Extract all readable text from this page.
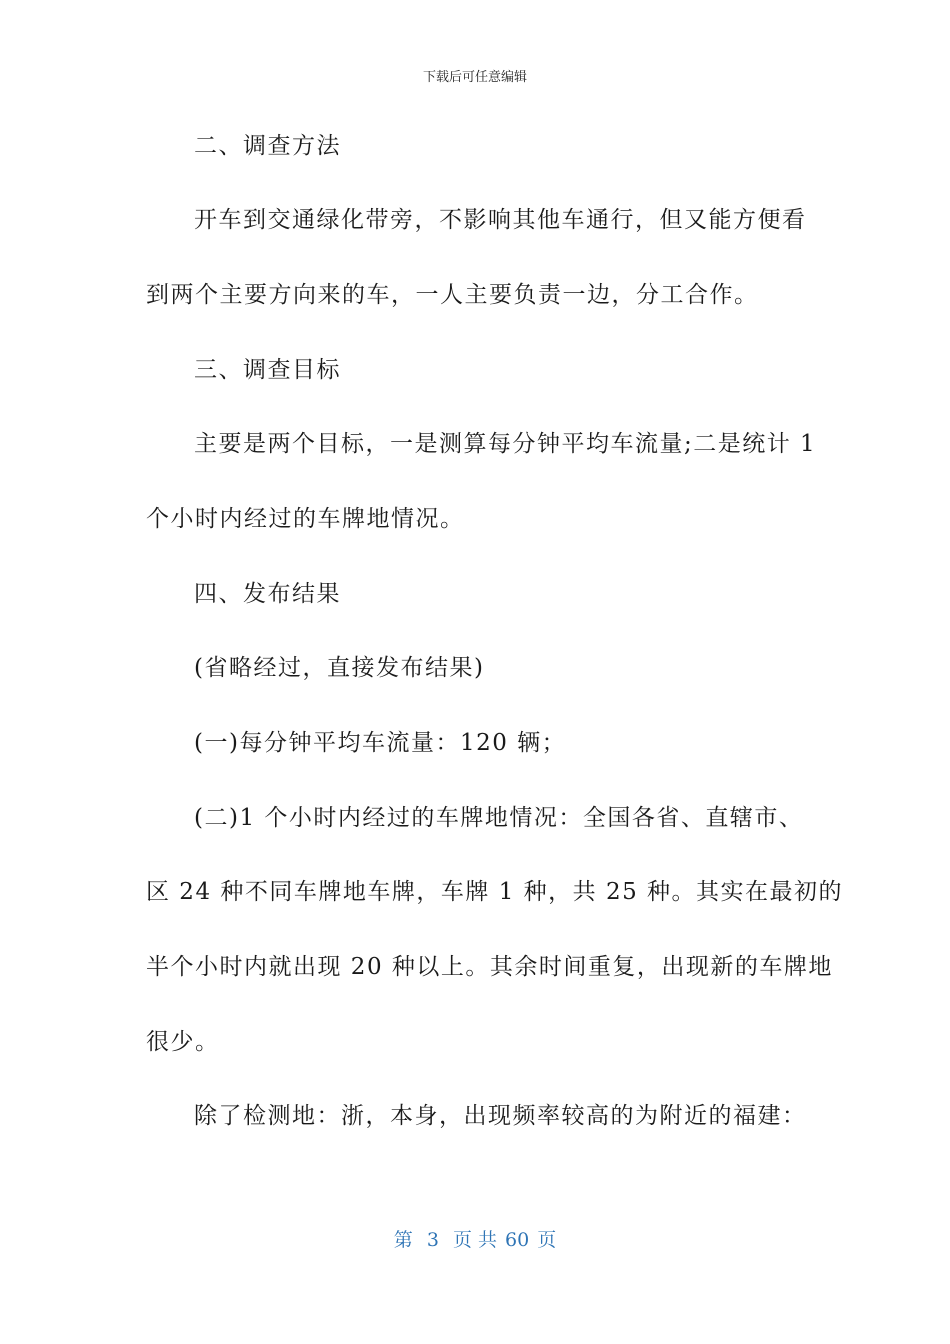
下载后可任意编辑
二、调查方法
开车到交通绿化带旁，不影响其他车通行，但又能方便看
到两个主要方向来的车，一人主要负责一边，分工合作。
三、调查目标
主要是两个目标，一是测算每分钟平均车流量;二是统计 1
个小时内经过的车牌地情况。
四、发布结果
(省略经过，直接发布结果)
(一)每分钟平均车流量：120 辆；
(二)1 个小时内经过的车牌地情况：全国各省、直辖市、
区 24 种不同车牌地车牌，车牌 1 种，共 25 种。其实在最初的
半个小时内就出现 20 种以上。其余时间重复，出现新的车牌地
很少。
除了检测地：浙，本身，出现频率较高的为附近的福建：
第 3 页 共 60 页
